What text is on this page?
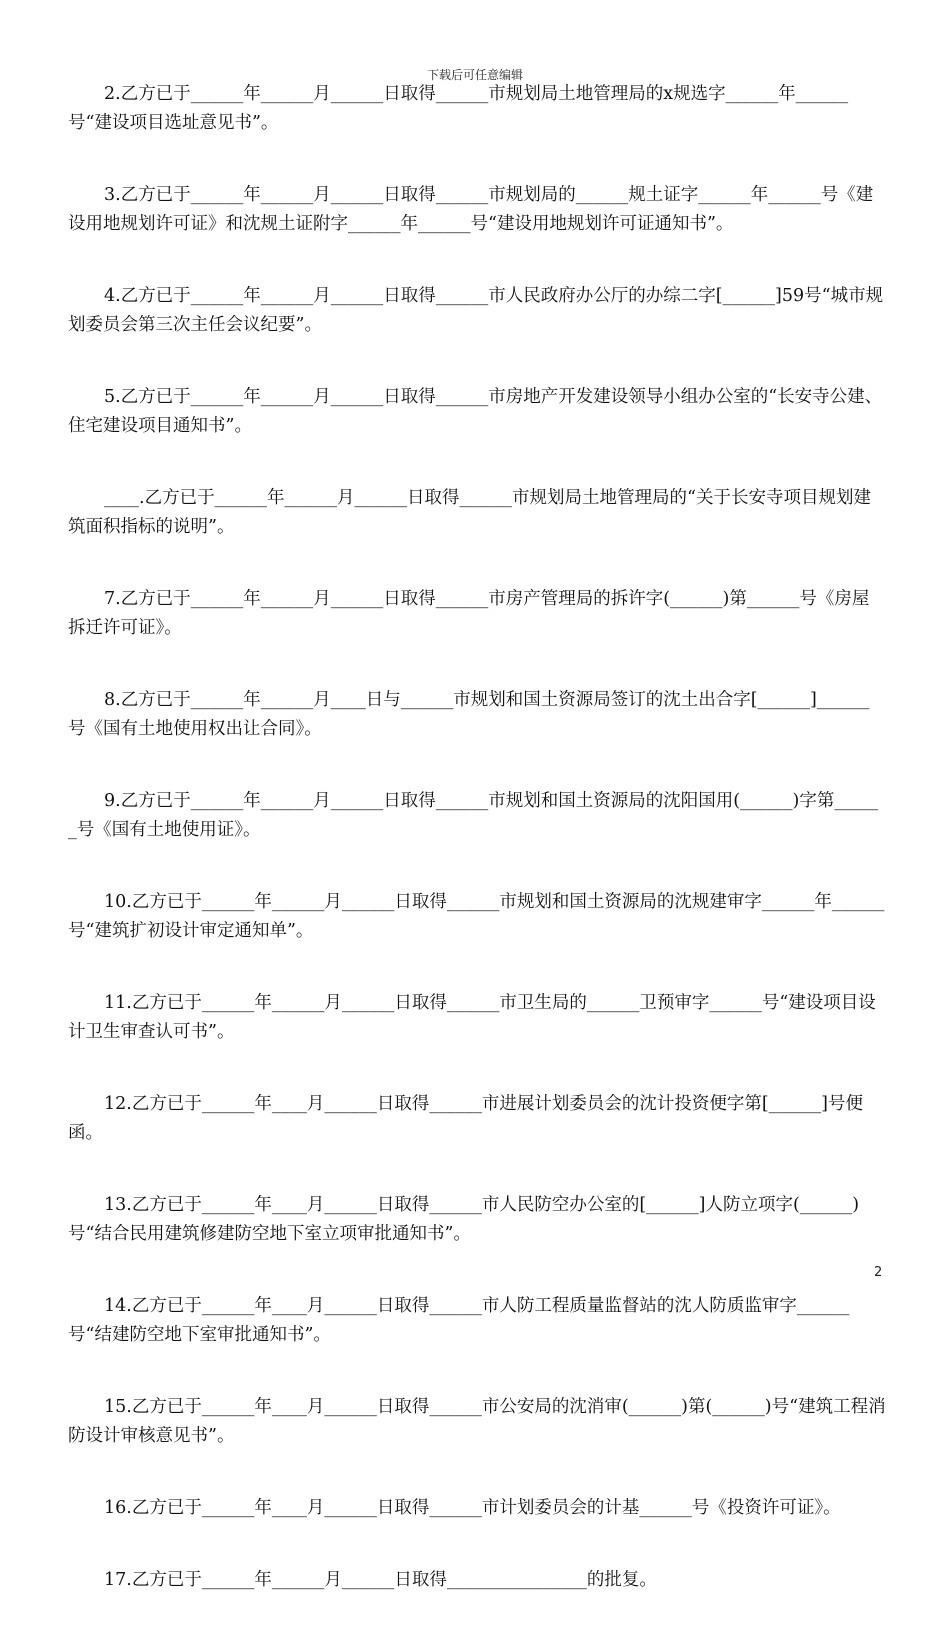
下载后可任意编辑

2.乙方已于______年______月______日取得______市规划局土地管理局的x规选字______年______号“建设项目选址意见书”。

3.乙方已于______年______月______日取得______市规划局的______规土证字______年______号《建设用地规划许可证》和沈规土证附字______年______号“建设用地规划许可证通知书”。

4.乙方已于______年______月______日取得______市人民政府办公厅的办综二字[______]59号“城市规划委员会第三次主任会议纪要”。

5.乙方已于______年______月______日取得______市房地产开发建设领导小组办公室的“长安寺公建、住宅建设项目通知书”。

____.乙方已于______年______月______日取得______市规划局土地管理局的“关于长安寺项目规划建筑面积指标的说明”。

7.乙方已于______年______月______日取得______市房产管理局的拆许字(______)第______号《房屋拆迁许可证》。

8.乙方已于______年______月____日与______市规划和国土资源局签订的沈土出合字[______]______号《国有土地使用权出让合同》。

9.乙方已于______年______月______日取得______市规划和国土资源局的沈阳国用(______)字第______号《国有土地使用证》。

10.乙方已于______年______月______日取得______市规划和国土资源局的沈规建审字______年______号“建筑扩初设计审定通知单”。

11.乙方已于______年______月______日取得______市卫生局的______卫预审字______号“建设项目设计卫生审查认可书”。

12.乙方已于______年____月______日取得______市进展计划委员会的沈计投资便字第[______]号便函。

13.乙方已于______年____月______日取得______市人民防空办公室的[______]人防立项字(______)号“结合民用建筑修建防空地下室立项审批通知书”。

14.乙方已于______年____月______日取得______市人防工程质量监督站的沈人防质监审字______号“结建防空地下室审批通知书”。

15.乙方已于______年____月______日取得______市公安局的沈消审(______)第(______)号“建筑工程消防设计审核意见书”。

16.乙方已于______年____月______日取得______市计划委员会的计基______号《投资许可证》。

17.乙方已于______年______月______日取得________________的批复。

2
